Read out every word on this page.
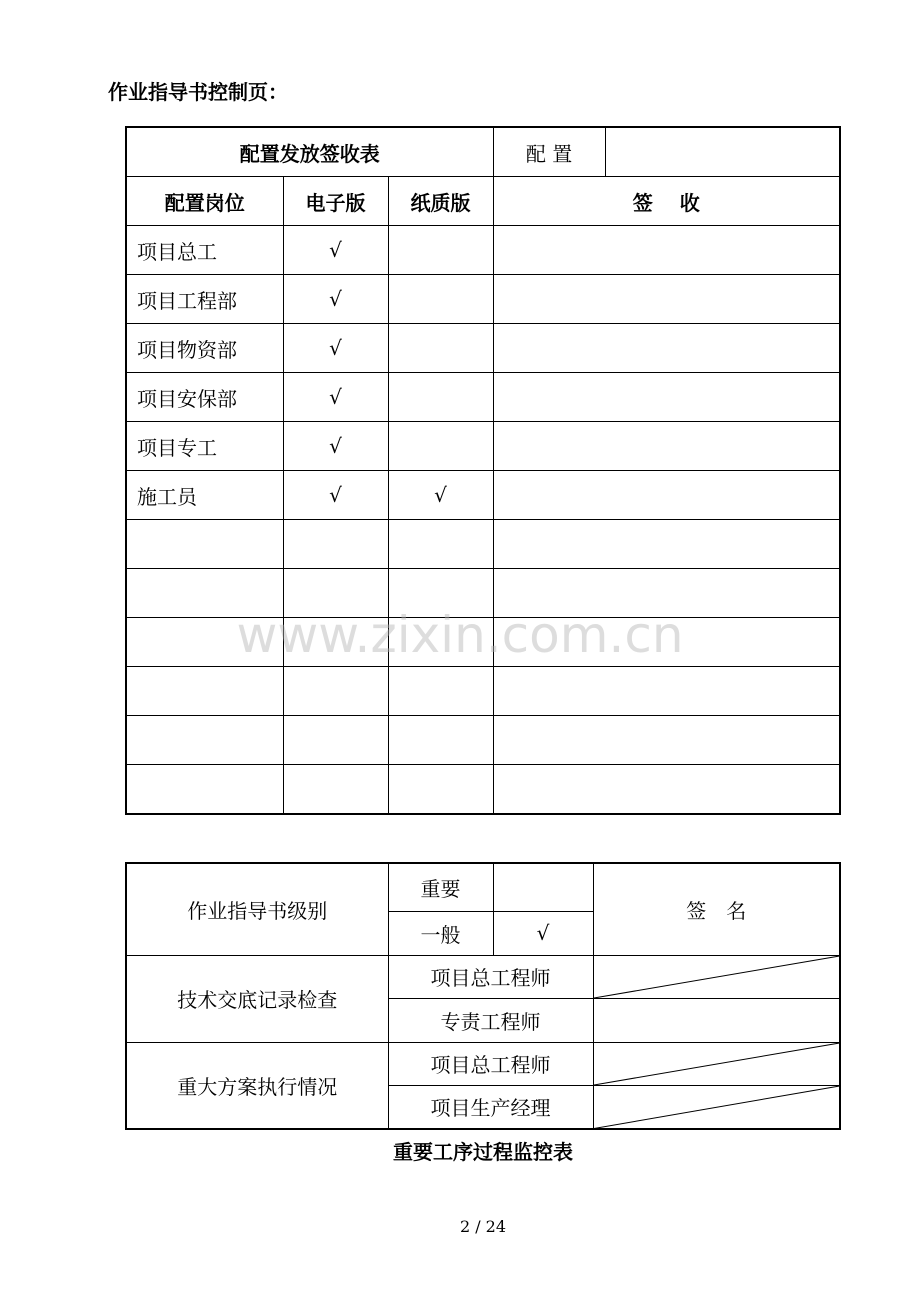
作业指导书控制页：
配置发放签收表			配 置	
配置岗位	电子版	纸质版	签　 收	
项目总工	√			
项目工程部	√			
项目物资部	√			
项目安保部	√			
项目专工	√			
施工员	√	√		

www.zixin.com.cn
作业指导书级别	重要		签　名
	一般	√	
技术交底记录检查	项目总工程师	

	专责工程师		
重大方案执行情况	项目总工程师	

	项目生产经理	
重要工序过程监控表
2 / 24
